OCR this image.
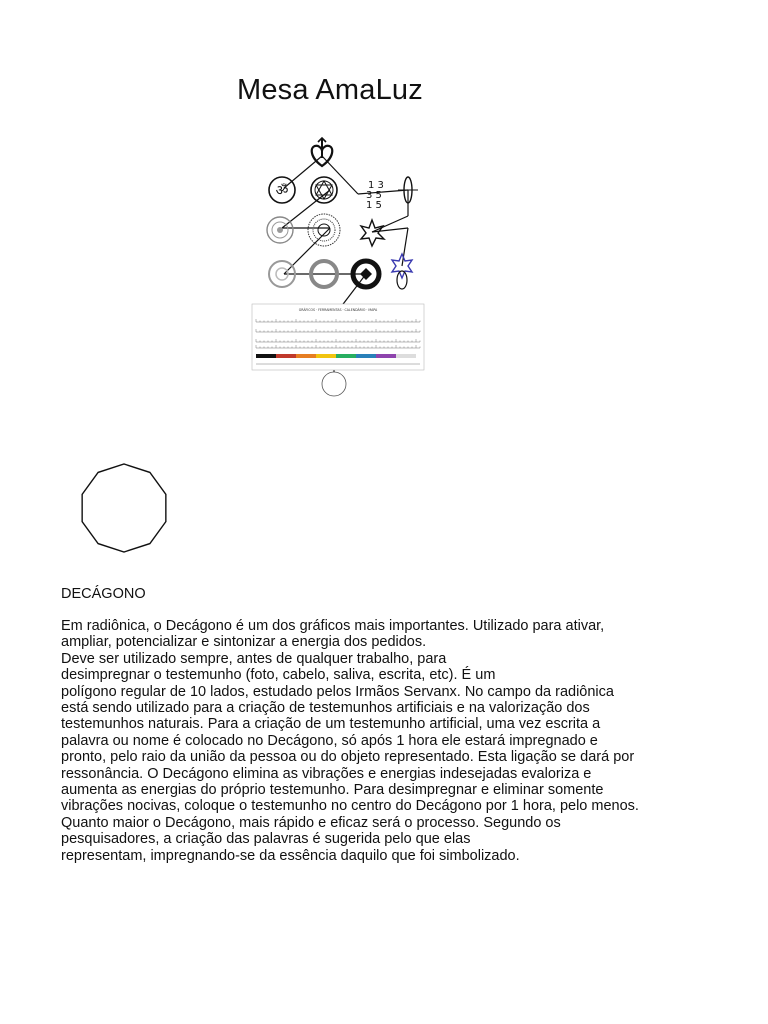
Mesa AmaLuz
ॐ	1 3
3 5
1 5
GRÁFICOS · FERRAMENTAS · CALENDÁRIO · MAPA
DECÁGONO
Em radiônica, o Decágono é um dos gráficos mais importantes. Utilizado para ativar,
ampliar, potencializar e sintonizar a energia dos pedidos.
Deve ser utilizado sempre, antes de qualquer trabalho, para
desimpregnar o testemunho (foto, cabelo, saliva, escrita, etc). É um
polígono regular de 10 lados, estudado pelos Irmãos Servanx. No campo da radiônica
está sendo utilizado para a criação de testemunhos artificiais e na valorização dos
testemunhos naturais. Para a criação de um testemunho artificial, uma vez escrita a
palavra ou nome é colocado no Decágono, só após 1 hora ele estará impregnado e
pronto, pelo raio da união da pessoa ou do objeto representado. Esta ligação se dará por
ressonância. O Decágono elimina as vibrações e energias indesejadas evaloriza e
aumenta as energias do próprio testemunho. Para desimpregnar e eliminar somente
vibrações nocivas, coloque o testemunho no centro do Decágono por 1 hora, pelo menos.
Quanto maior o Decágono, mais rápido e eficaz será o processo. Segundo os
pesquisadores, a criação das palavras é sugerida pelo que elas
representam, impregnando-se da essência daquilo que foi simbolizado.
